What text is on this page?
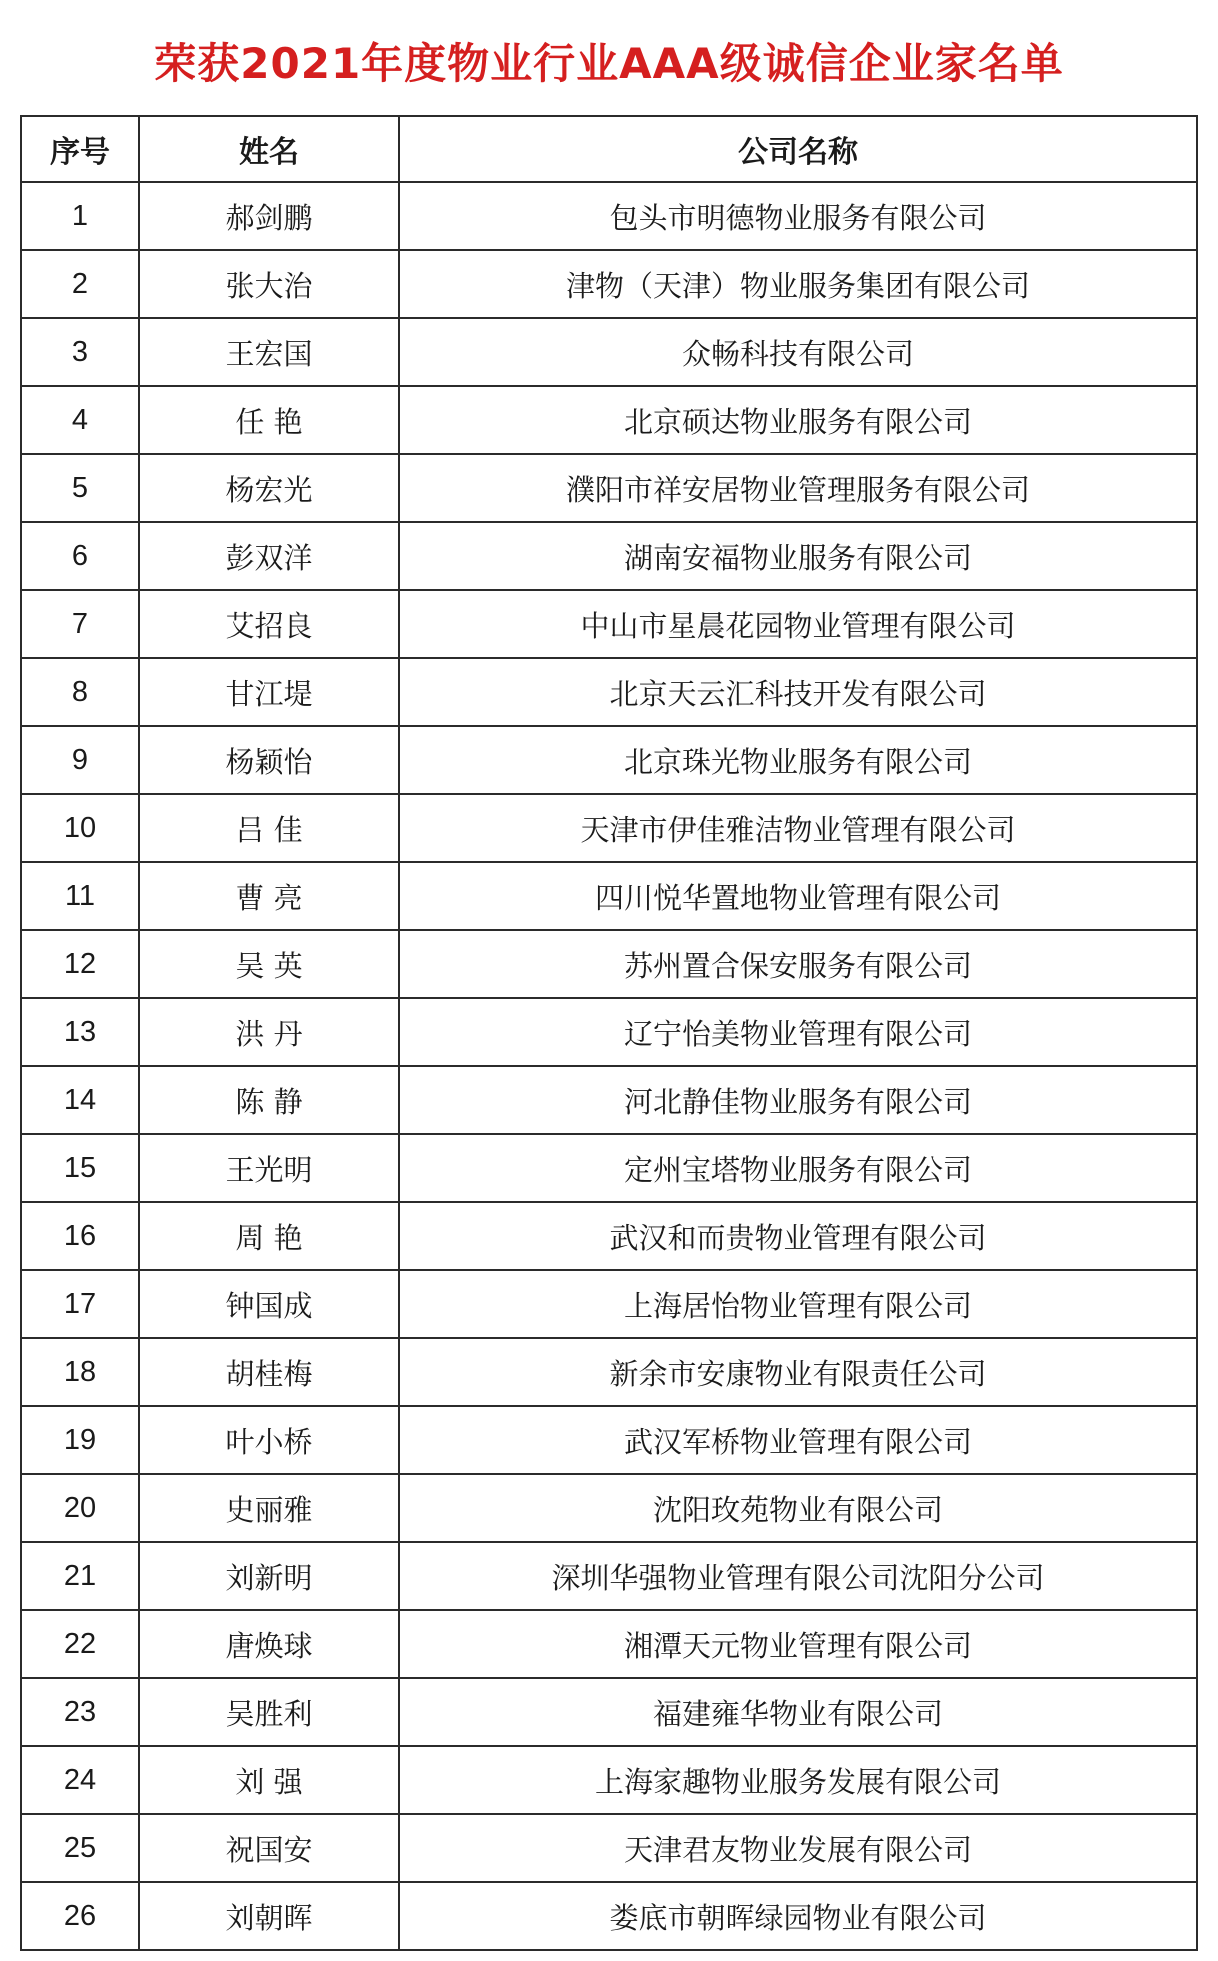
荣获2021年度物业行业AAA级诚信企业家名单
序号	姓名	公司名称
1	郝剑鹏	包头市明德物业服务有限公司
2	张大治	津物（天津）物业服务集团有限公司
3	王宏国	众畅科技有限公司
4	任 艳	北京硕达物业服务有限公司
5	杨宏光	濮阳市祥安居物业管理服务有限公司
6	彭双洋	湖南安福物业服务有限公司
7	艾招良	中山市星晨花园物业管理有限公司
8	甘江堤	北京天云汇科技开发有限公司
9	杨颖怡	北京珠光物业服务有限公司
10	吕 佳	天津市伊佳雅洁物业管理有限公司
11	曹 亮	四川悦华置地物业管理有限公司
12	吴 英	苏州置合保安服务有限公司
13	洪 丹	辽宁怡美物业管理有限公司
14	陈 静	河北静佳物业服务有限公司
15	王光明	定州宝塔物业服务有限公司
16	周 艳	武汉和而贵物业管理有限公司
17	钟国成	上海居怡物业管理有限公司
18	胡桂梅	新余市安康物业有限责任公司
19	叶小桥	武汉军桥物业管理有限公司
20	史丽雅	沈阳玫苑物业有限公司
21	刘新明	深圳华强物业管理有限公司沈阳分公司
22	唐焕球	湘潭天元物业管理有限公司
23	吴胜利	福建雍华物业有限公司
24	刘 强	上海家趣物业服务发展有限公司
25	祝国安	天津君友物业发展有限公司
26	刘朝晖	娄底市朝晖绿园物业有限公司
